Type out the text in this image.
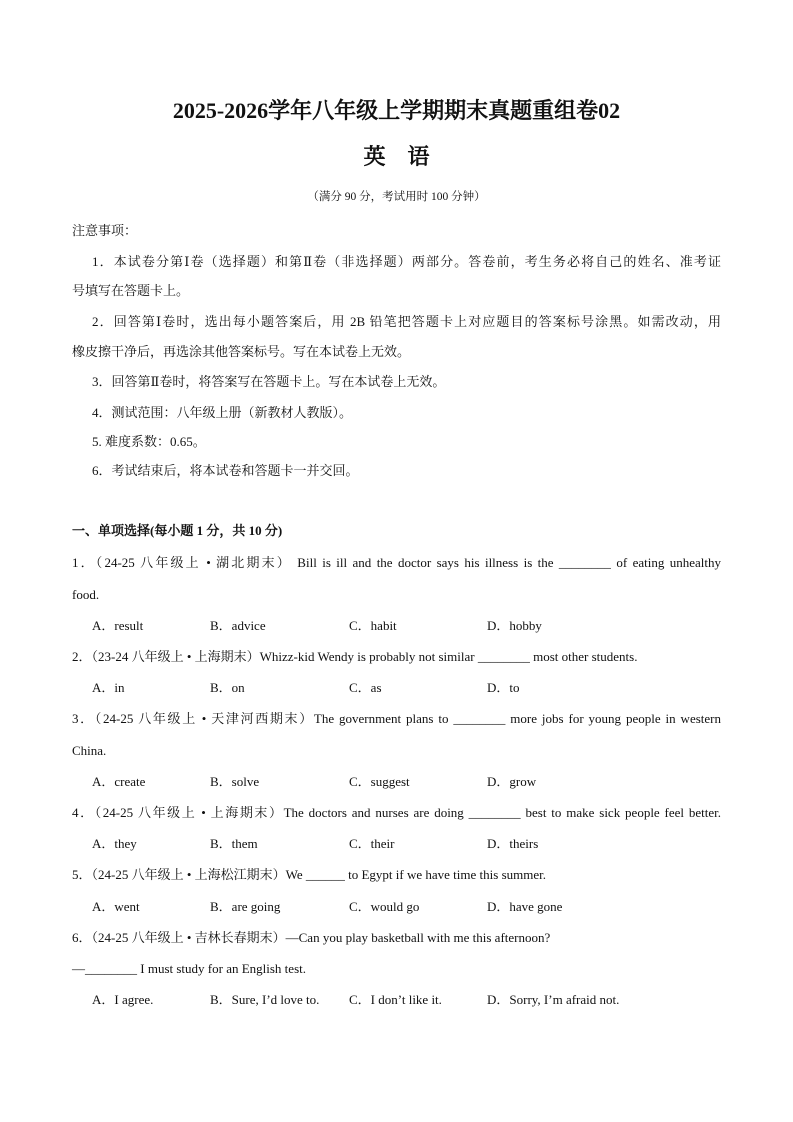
2025-2026学年八年级上学期期末真题重组卷02
英语
（满分 90 分，考试用时 100 分钟）
注意事项：
1．本试卷分第Ⅰ卷（选择题）和第Ⅱ卷（非选择题）两部分。答卷前，考生务必将自己的姓名、准考证
号填写在答题卡上。
2．回答第Ⅰ卷时，选出每小题答案后，用 2B 铅笔把答题卡上对应题目的答案标号涂黑。如需改动，用
橡皮擦干净后，再选涂其他答案标号。写在本试卷上无效。
3．回答第Ⅱ卷时，将答案写在答题卡上。写在本试卷上无效。
4．测试范围：八年级上册（新教材人教版）。
5. 难度系数：0.65。
6．考试结束后，将本试卷和答题卡一并交回。
一、单项选择(每小题 1 分，共 10 分)
1．（24-25 八年级上 • 湖北期末） Bill is ill and the doctor says his illness is the ________ of eating unhealthy
food.
A．result	B．advice	C．habit	D．hobby
2．（23-24 八年级上 • 上海期末）Whizz-kid Wendy is probably not similar ________ most other students.
A．in	B．on	C．as	D．to
3．（24-25 八年级上 • 天津河西期末）The government plans to ________ more jobs for young people in western
China.
A．create	B．solve	C．suggest	D．grow
4．（24-25 八年级上 • 上海期末）The doctors and nurses are doing ________ best to make sick people feel better.
A．they	B．them	C．their	D．theirs
5．（24-25 八年级上 • 上海松江期末）We ______ to Egypt if we have time this summer.
A．went	B．are going	C．would go	D．have gone
6．（24-25 八年级上 • 吉林长春期末）—Can you play basketball with me this afternoon?
—________ I must study for an English test.
A．I agree.	B．Sure, I’d love to. C．I don’t like it.	D．Sorry, I’m afraid not.
